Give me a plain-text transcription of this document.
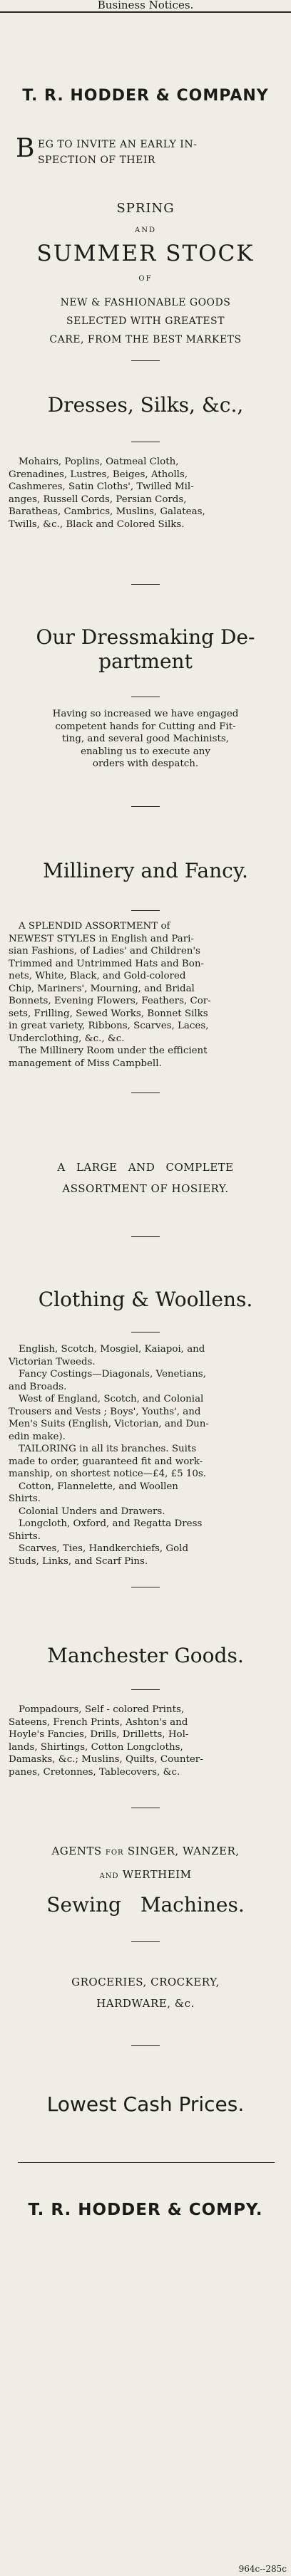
Business Notices.
T. R. HODDER & COMPANY
B EG TO INVITE AN EARLY IN-
SPECTION OF THEIR
SPRING
AND
SUMMER STOCK
OF
NEW & FASHIONABLE GOODS
SELECTED WITH GREATEST
CARE, FROM THE BEST MARKETS
Dresses, Silks, &c.,
Mohairs, Poplins, Oatmeal Cloth,
Grenadines, Lustres, Beiges, Atholls,
Cashmeres, Satin Cloths', Twilled Mil-
anges, Russell Cords, Persian Cords,
Baratheas, Cambrics, Muslins, Galateas,
Twills, &c., Black and Colored Silks.
Our Dressmaking De-
partment
Having so increased we have engaged
competent hands for Cutting and Fit-
ting, and several good Machinists,
enabling us to execute any
orders with despatch.
Millinery and Fancy.
A SPLENDID ASSORTMENT of
NEWEST STYLES in English and Pari-
sian Fashions, of Ladies' and Children's
Trimmed and Untrimmed Hats and Bon-
nets, White, Black, and Gold-colored
Chip, Mariners', Mourning, and Bridal
Bonnets, Evening Flowers, Feathers, Cor-
sets, Frilling, Sewed Works, Bonnet Silks
in great variety, Ribbons, Scarves, Laces,
Underclothing, &c., &c.
The Millinery Room under the efficient
management of Miss Campbell.
A LARGE AND COMPLETE
ASSORTMENT OF HOSIERY.
Clothing & Woollens.
English, Scotch, Mosgiel, Kaiapoi, and
Victorian Tweeds.
Fancy Costings—Diagonals, Venetians,
and Broads.
West of England, Scotch, and Colonial
Trousers and Vests ; Boys', Youths', and
Men's Suits (English, Victorian, and Dun-
edin make).
TAILORING in all its branches. Suits
made to order, guaranteed fit and work-
manship, on shortest notice—£4, £5 10s.
Cotton, Flannelette, and Woollen
Shirts.
Colonial Unders and Drawers.
Longcloth, Oxford, and Regatta Dress
Shirts.
Scarves, Ties, Handkerchiefs, Gold
Studs, Links, and Scarf Pins.
Manchester Goods.
Pompadours, Self - colored Prints,
Sateens, French Prints, Ashton's and
Hoyle's Fancies, Drills, Drilletts, Hol-
lands, Shirtings, Cotton Longcloths,
Damasks, &c.; Muslins, Quilts, Counter-
panes, Cretonnes, Tablecovers, &c.
AGENTS FOR SINGER, WANZER,
AND WERTHEIM
Sewing Machines.
GROCERIES, CROCKERY,
HARDWARE, &c.
Lowest Cash Prices.
T. R. HODDER & COMPY.
964c--285c
